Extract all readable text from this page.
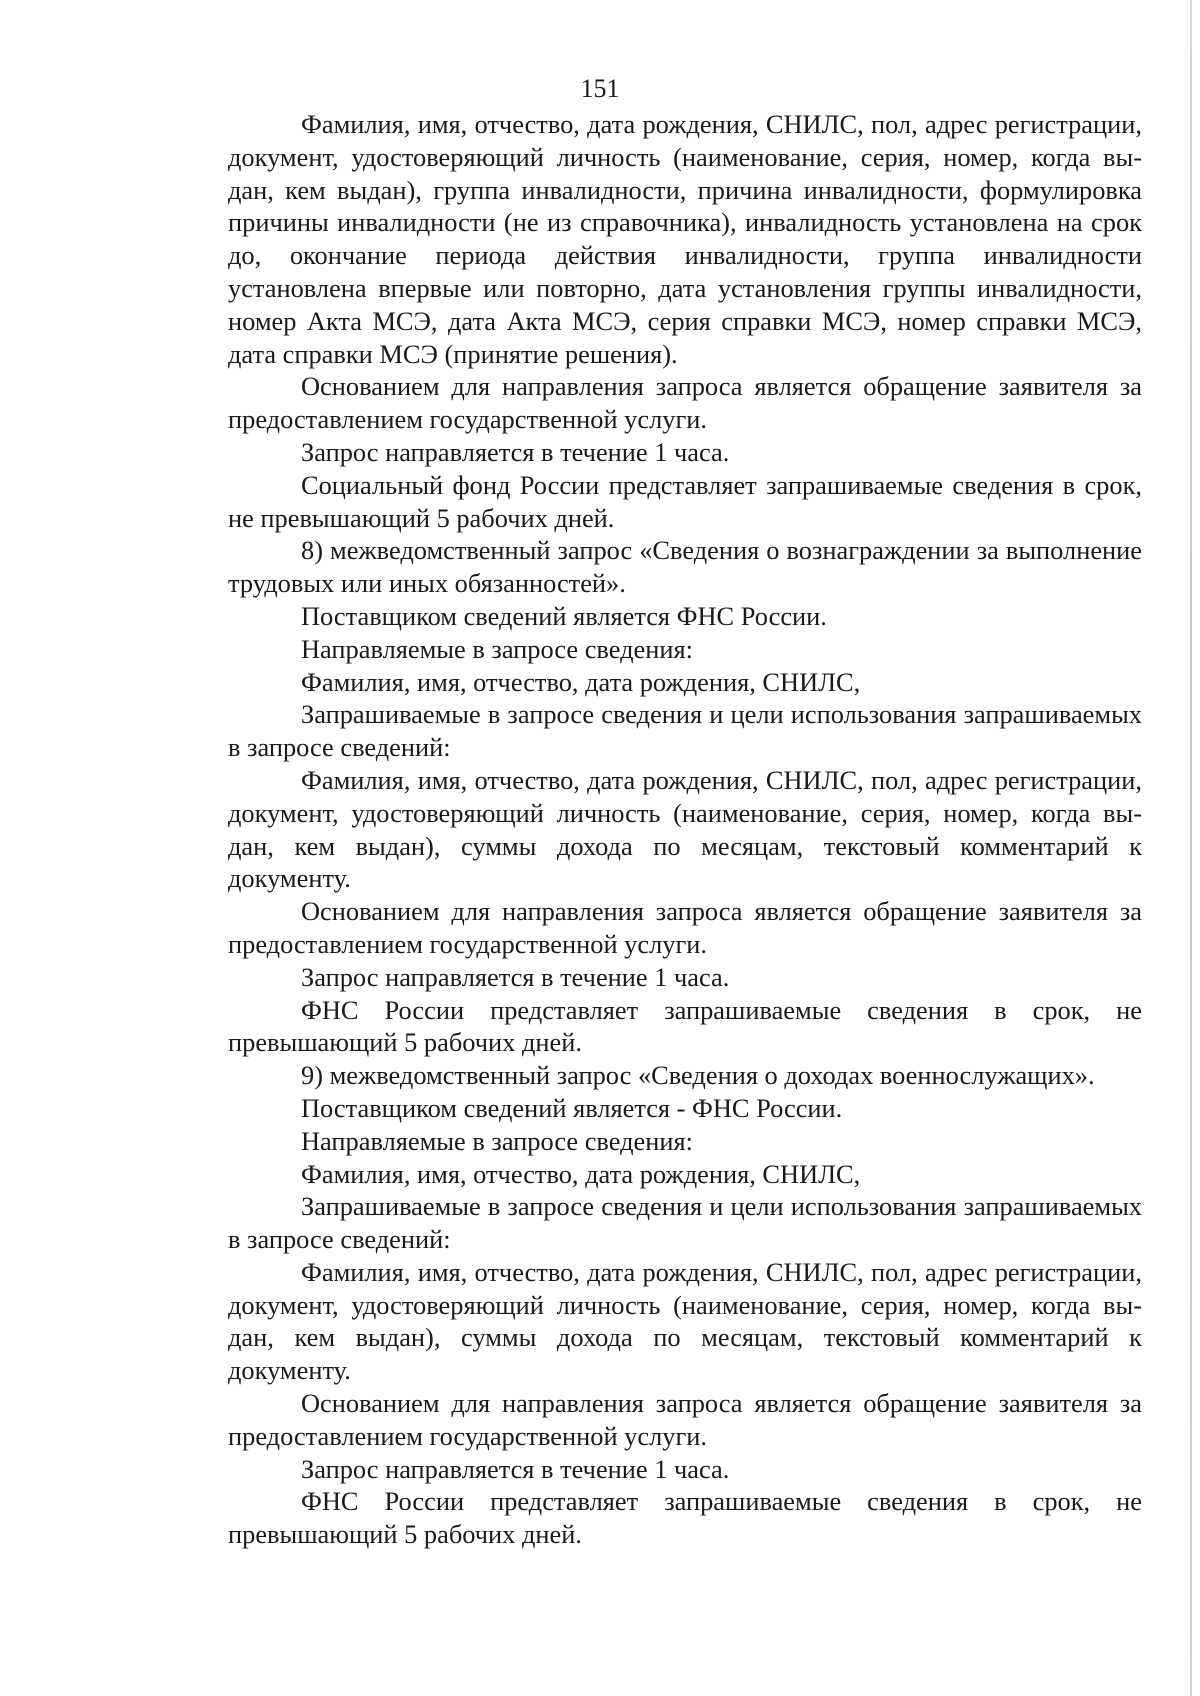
151

Фамилия, имя, отчество, дата рождения, СНИЛС, пол, адрес регистрации, документ, удостоверяющий личность (наименование, серия, номер, когда вы-дан, кем выдан), группа инвалидности, причина инвалидности, формулировка причины инвалидности (не из справочника), инвалидность установлена на срок до, окончание периода действия инвалидности, группа инвалидности установлена впервые или повторно, дата установления группы инвалидности, номер Акта МСЭ, дата Акта МСЭ, серия справки МСЭ, номер справки МСЭ, дата справки МСЭ (принятие решения).

Основанием для направления запроса является обращение заявителя за предоставлением государственной услуги.

Запрос направляется в течение 1 часа.

Социальный фонд России представляет запрашиваемые сведения в срок, не превышающий 5 рабочих дней.

8) межведомственный запрос «Сведения о вознаграждении за выполнение трудовых или иных обязанностей».

Поставщиком сведений является ФНС России.

Направляемые в запросе сведения:

Фамилия, имя, отчество, дата рождения, СНИЛС,

Запрашиваемые в запросе сведения и цели использования запрашиваемых в запросе сведений:

Фамилия, имя, отчество, дата рождения, СНИЛС, пол, адрес регистрации, документ, удостоверяющий личность (наименование, серия, номер, когда вы-дан, кем выдан), суммы дохода по месяцам, текстовый комментарий к документу.

Основанием для направления запроса является обращение заявителя за предоставлением государственной услуги.

Запрос направляется в течение 1 часа.

ФНС России представляет запрашиваемые сведения в срок, не превышающий 5 рабочих дней.

9) межведомственный запрос «Сведения о доходах военнослужащих».

Поставщиком сведений является - ФНС России.

Направляемые в запросе сведения:

Фамилия, имя, отчество, дата рождения, СНИЛС,

Запрашиваемые в запросе сведения и цели использования запрашиваемых в запросе сведений:

Фамилия, имя, отчество, дата рождения, СНИЛС, пол, адрес регистрации, документ, удостоверяющий личность (наименование, серия, номер, когда вы-дан, кем выдан), суммы дохода по месяцам, текстовый комментарий к документу.

Основанием для направления запроса является обращение заявителя за предоставлением государственной услуги.

Запрос направляется в течение 1 часа.

ФНС России представляет запрашиваемые сведения в срок, не превышающий 5 рабочих дней.
